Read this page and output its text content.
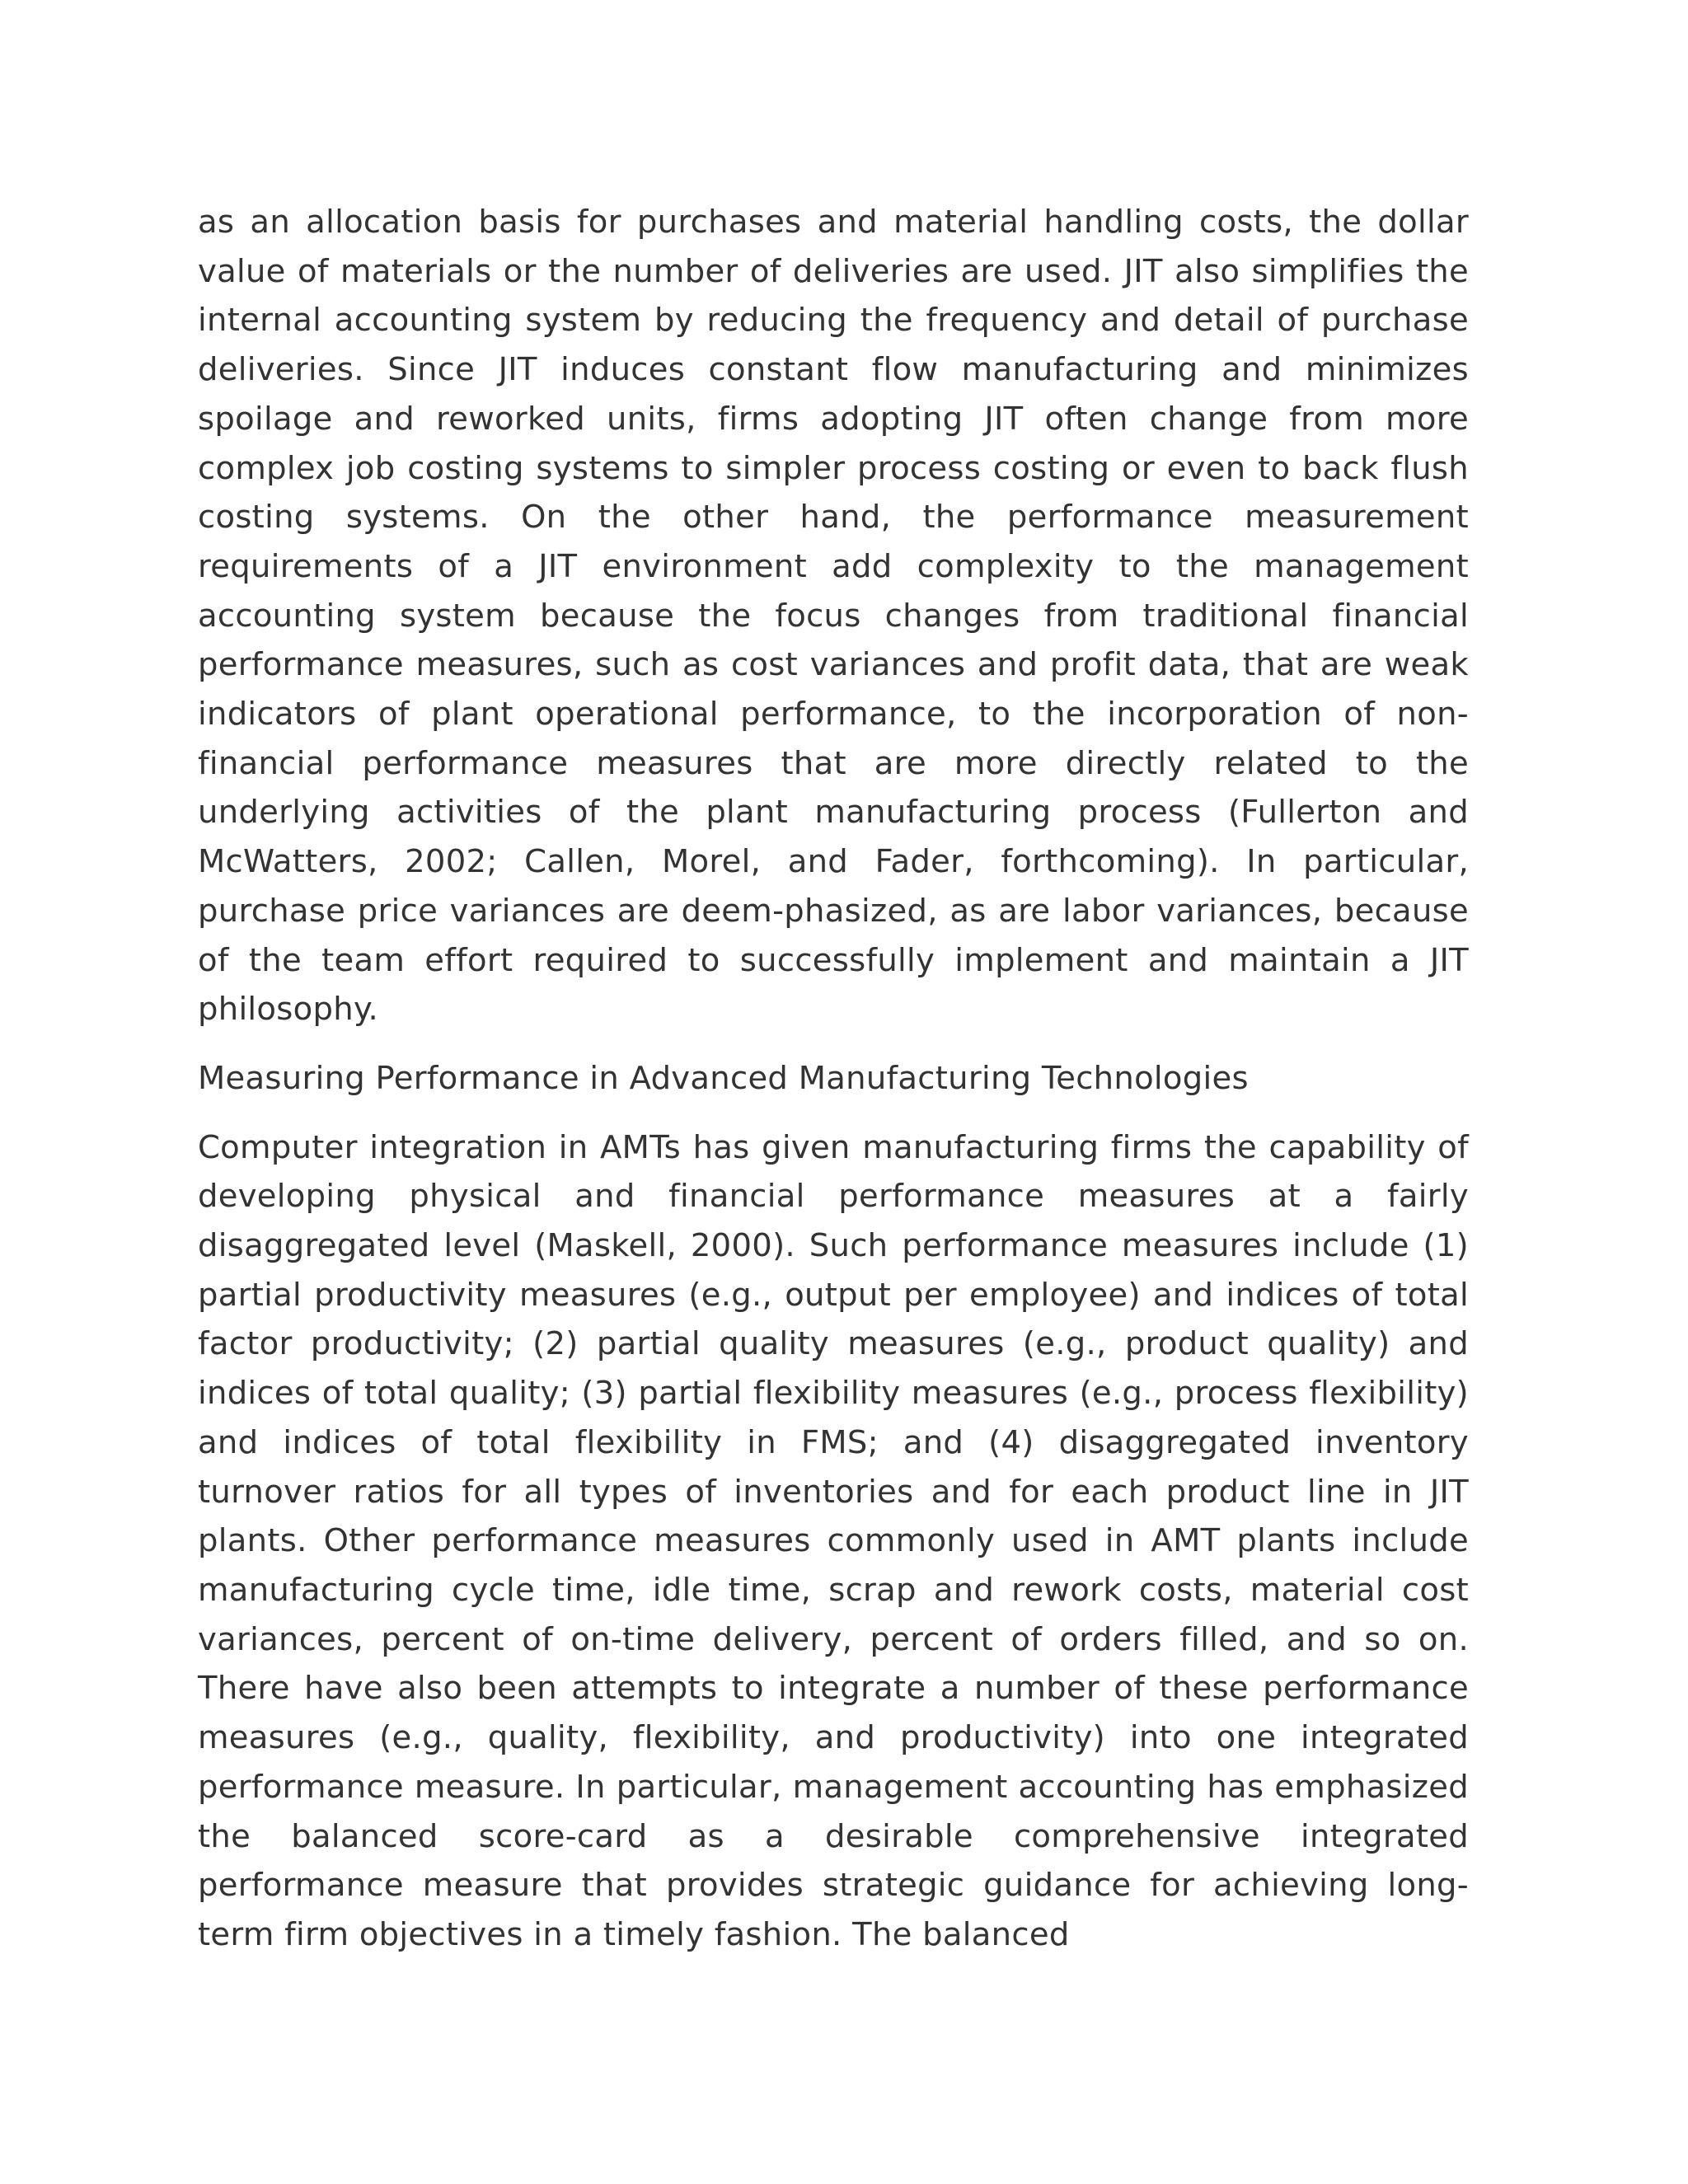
as an allocation basis for purchases and material handling costs, the dollar value of materials or the number of deliveries are used. JIT also simplifies the internal accounting system by reducing the frequency and detail of purchase deliveries. Since JIT induces constant flow manufacturing and minimizes spoilage and reworked units, firms adopting JIT often change from more complex job costing systems to simpler process costing or even to back flush costing systems. On the other hand, the performance measurement requirements of a JIT environment add complexity to the management accounting system because the focus changes from traditional financial performance measures, such as cost variances and profit data, that are weak indicators of plant operational performance, to the incorporation of non-financial performance measures that are more directly related to the underlying activities of the plant manufacturing process (Fullerton and McWatters, 2002; Callen, Morel, and Fader, forthcoming). In particular, purchase price variances are deem-phasized, as are labor variances, because of the team effort required to successfully implement and maintain a JIT philosophy.

Measuring Performance in Advanced Manufacturing Technologies

Computer integration in AMTs has given manufacturing firms the capability of developing physical and financial performance measures at a fairly disaggregated level (Maskell, 2000). Such performance measures include (1) partial productivity measures (e.g., output per employee) and indices of total factor productivity; (2) partial quality measures (e.g., product quality) and indices of total quality; (3) partial flexibility measures (e.g., process flexibility) and indices of total flexibility in FMS; and (4) disaggregated inventory turnover ratios for all types of inventories and for each product line in JIT plants. Other performance measures commonly used in AMT plants include manufacturing cycle time, idle time, scrap and rework costs, material cost variances, percent of on-time delivery, percent of orders filled, and so on. There have also been attempts to integrate a number of these performance measures (e.g., quality, flexibility, and productivity) into one integrated performance measure. In particular, management accounting has emphasized the balanced score-card as a desirable comprehensive integrated performance measure that provides strategic guidance for achieving long-term firm objectives in a timely fashion. The balanced
